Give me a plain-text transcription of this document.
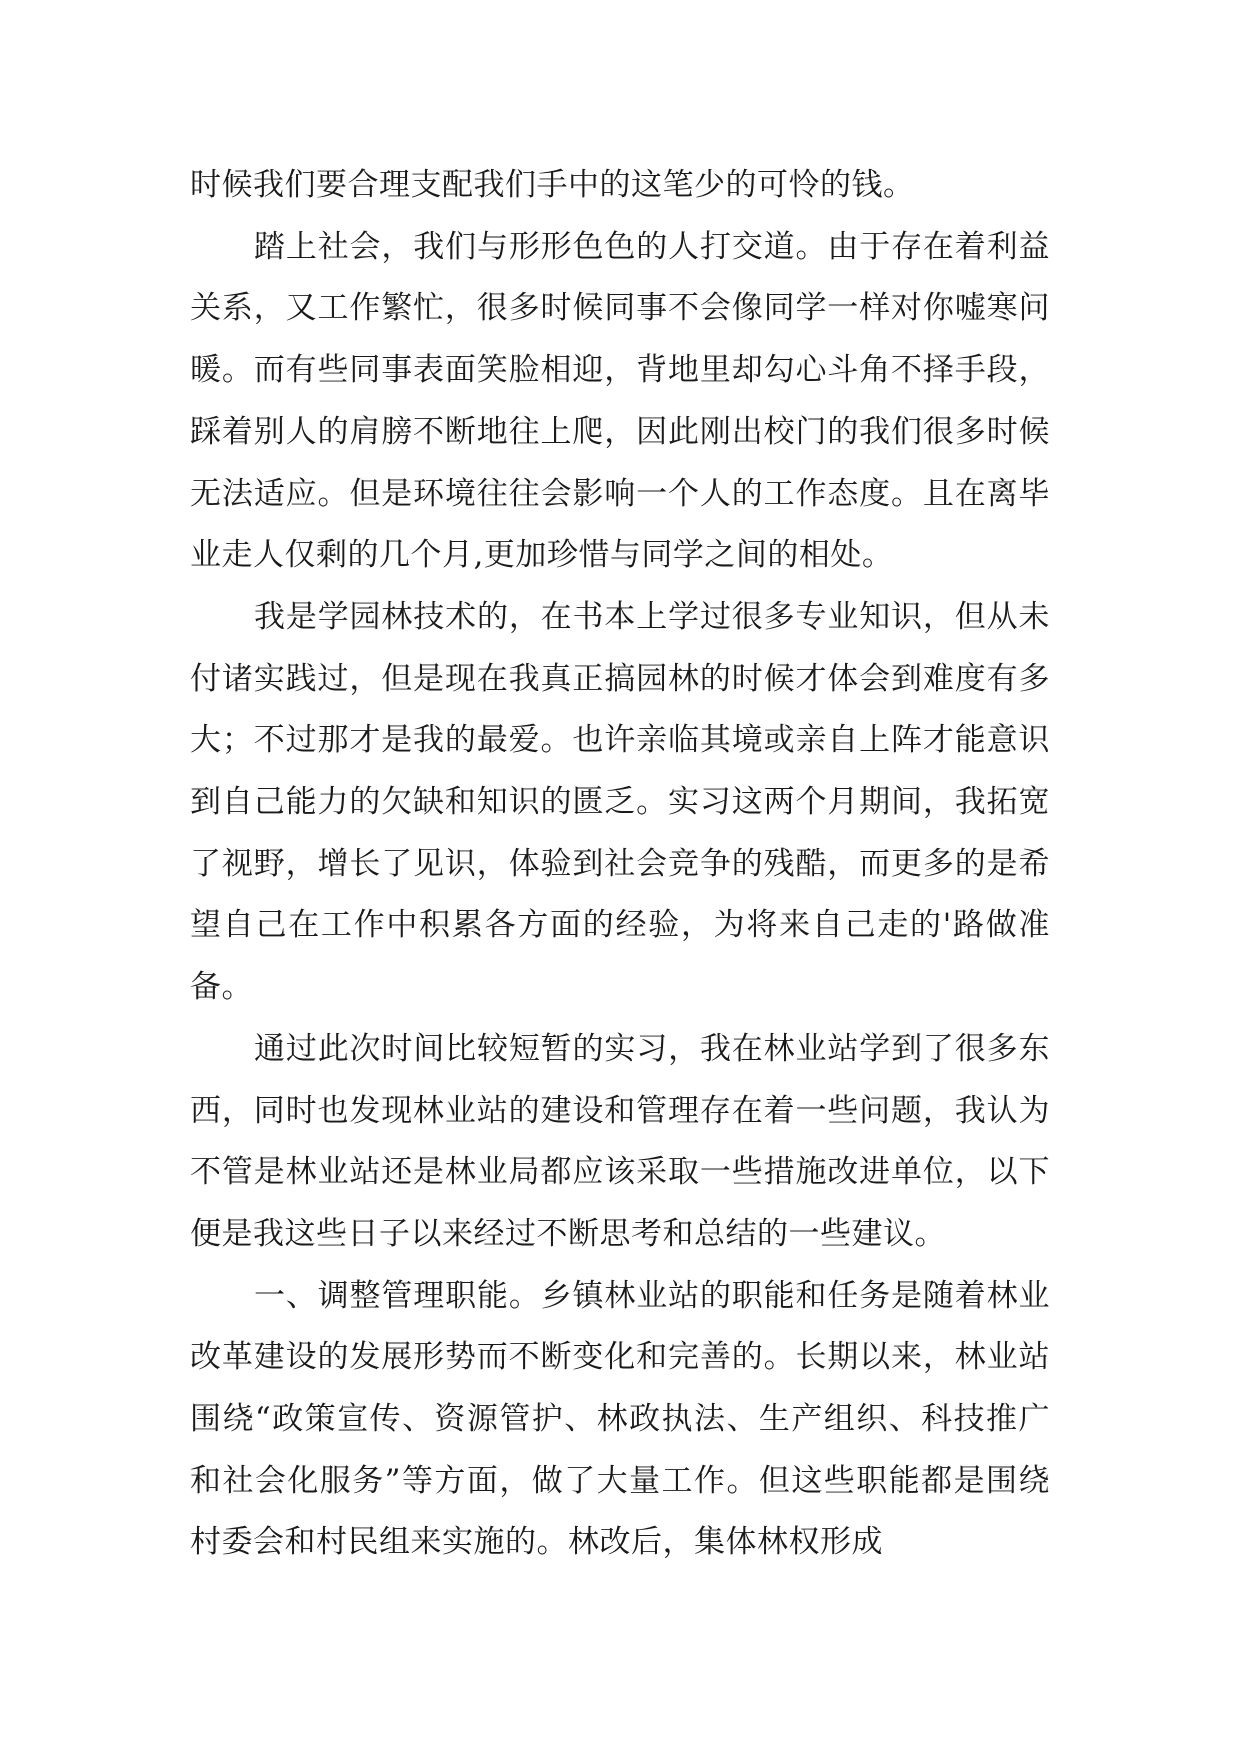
时候我们要合理支配我们手中的这笔少的可怜的钱。

踏上社会，我们与形形色色的人打交道。由于存在着利益关系，又工作繁忙，很多时候同事不会像同学一样对你嘘寒问暖。而有些同事表面笑脸相迎，背地里却勾心斗角不择手段，踩着别人的肩膀不断地往上爬，因此刚出校门的我们很多时候无法适应。但是环境往往会影响一个人的工作态度。且在离毕业走人仅剩的几个月,更加珍惜与同学之间的相处。

我是学园林技术的，在书本上学过很多专业知识，但从未付诸实践过，但是现在我真正搞园林的时候才体会到难度有多大；不过那才是我的最爱。也许亲临其境或亲自上阵才能意识到自己能力的欠缺和知识的匮乏。实习这两个月期间，我拓宽了视野，增长了见识，体验到社会竞争的残酷，而更多的是希望自己在工作中积累各方面的经验，为将来自己走的'路做准备。

通过此次时间比较短暂的实习，我在林业站学到了很多东西，同时也发现林业站的建设和管理存在着一些问题，我认为不管是林业站还是林业局都应该采取一些措施改进单位，以下便是我这些日子以来经过不断思考和总结的一些建议。

一、调整管理职能。乡镇林业站的职能和任务是随着林业改革建设的发展形势而不断变化和完善的。长期以来，林业站围绕“政策宣传、资源管护、林政执法、生产组织、科技推广和社会化服务”等方面，做了大量工作。但这些职能都是围绕村委会和村民组来实施的。林改后，集体林权形成
